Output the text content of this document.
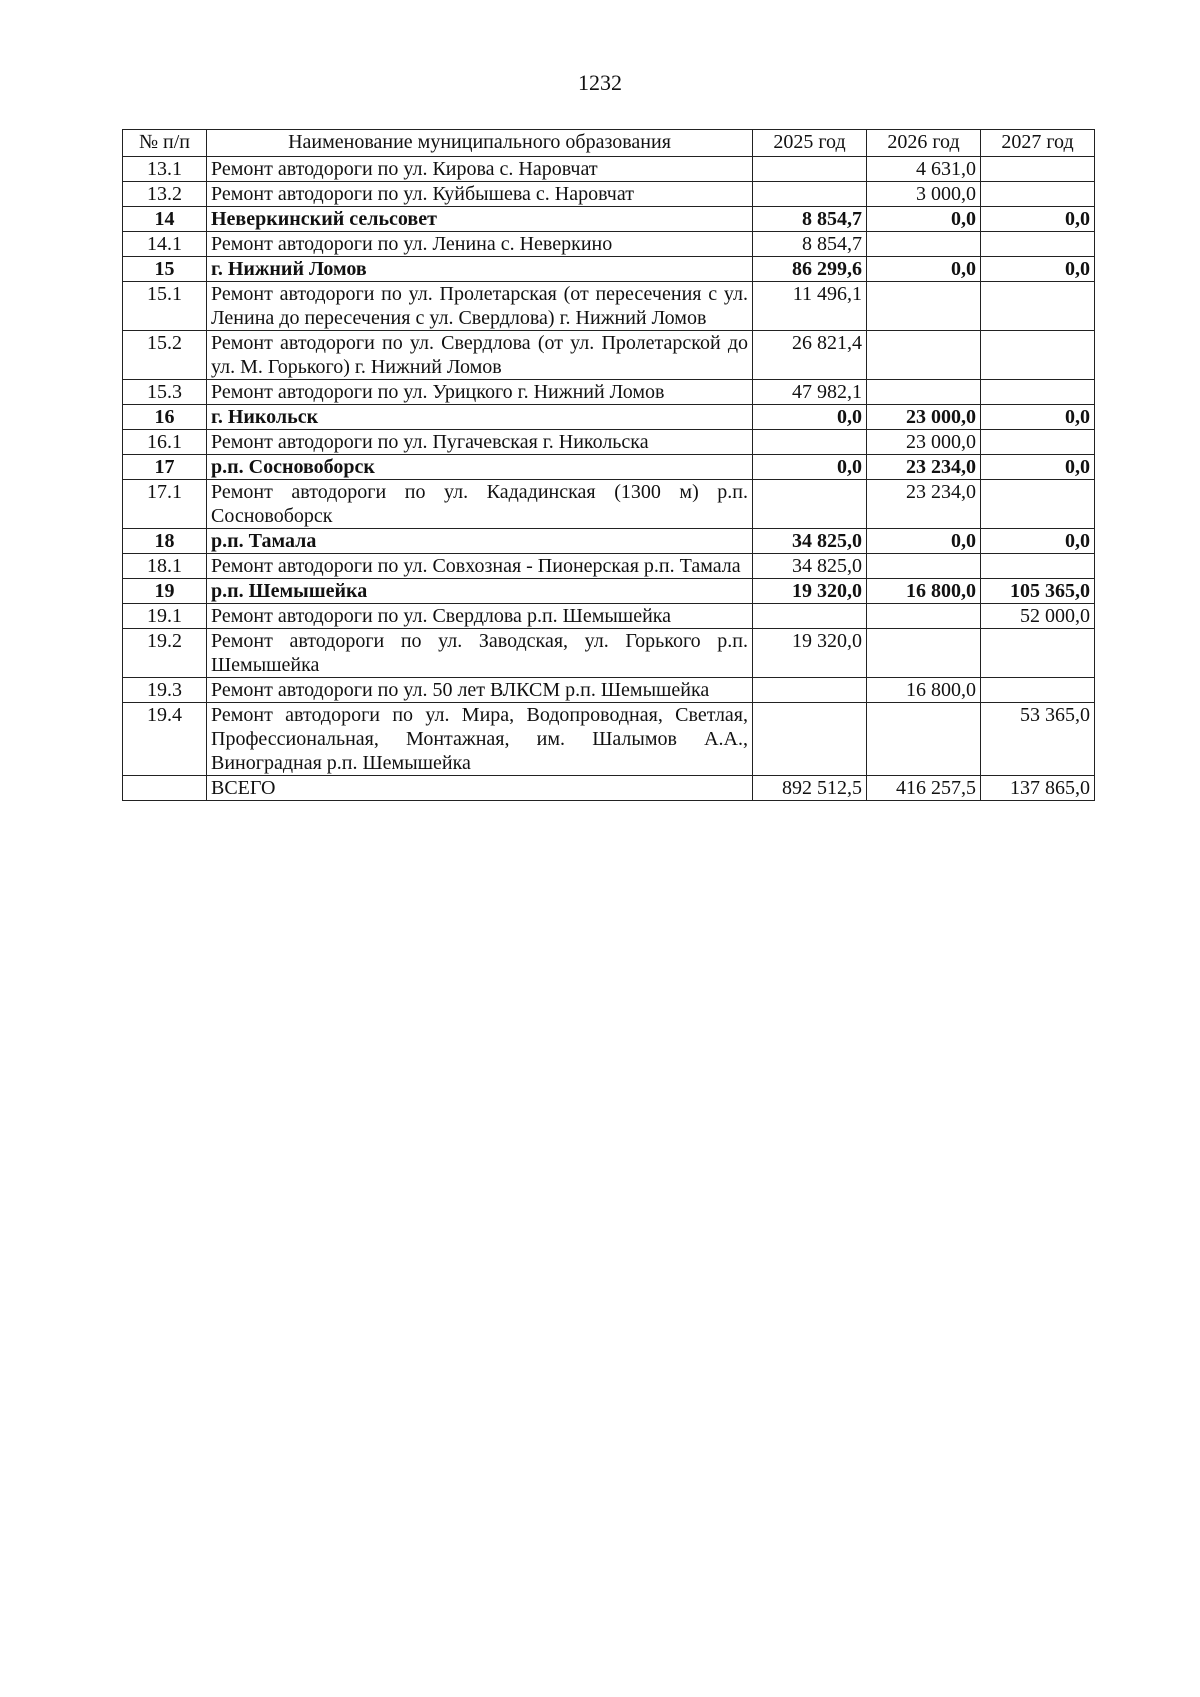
1232
№ п/п	Наименование муниципального образования	2025 год	2026 год	2027 год
13.1	Ремонт автодороги по ул. Кирова с. Наровчат		4 631,0	
13.2	Ремонт автодороги по ул. Куйбышева с. Наровчат		3 000,0	
14	Неверкинский сельсовет	8 854,7	0,0	0,0
14.1	Ремонт автодороги по ул. Ленина с. Неверкино	8 854,7		
15	г. Нижний Ломов	86 299,6	0,0	0,0
15.1	Ремонт автодороги по ул. Пролетарская (от пересечения с ул. Ленина до пересечения с ул. Свердлова) г. Нижний Ломов	11 496,1		
15.2	Ремонт автодороги по ул. Свердлова (от ул. Пролетарской до ул. М. Горького) г. Нижний Ломов	26 821,4		
15.3	Ремонт автодороги по ул. Урицкого г. Нижний Ломов	47 982,1		
16	г. Никольск	0,0	23 000,0	0,0
16.1	Ремонт автодороги по ул. Пугачевская г. Никольска		23 000,0	
17	р.п. Сосновоборск	0,0	23 234,0	0,0
17.1	Ремонт автодороги по ул. Кададинская (1300 м) р.п. Сосновоборск		23 234,0	
18	р.п. Тамала	34 825,0	0,0	0,0
18.1	Ремонт автодороги по ул. Совхозная - Пионерская р.п. Тамала	34 825,0		
19	р.п. Шемышейка	19 320,0	16 800,0	105 365,0
19.1	Ремонт автодороги по ул. Свердлова р.п. Шемышейка			52 000,0
19.2	Ремонт автодороги по ул. Заводская, ул. Горького р.п. Шемышейка	19 320,0		
19.3	Ремонт автодороги по ул. 50 лет ВЛКСМ р.п. Шемышейка		16 800,0	
19.4	Ремонт автодороги по ул. Мира, Водопроводная, Светлая, Профессиональная, Монтажная, им. Шалымов А.А., Виноградная р.п. Шемышейка			53 365,0
	ВСЕГО	892 512,5	416 257,5	137 865,0
